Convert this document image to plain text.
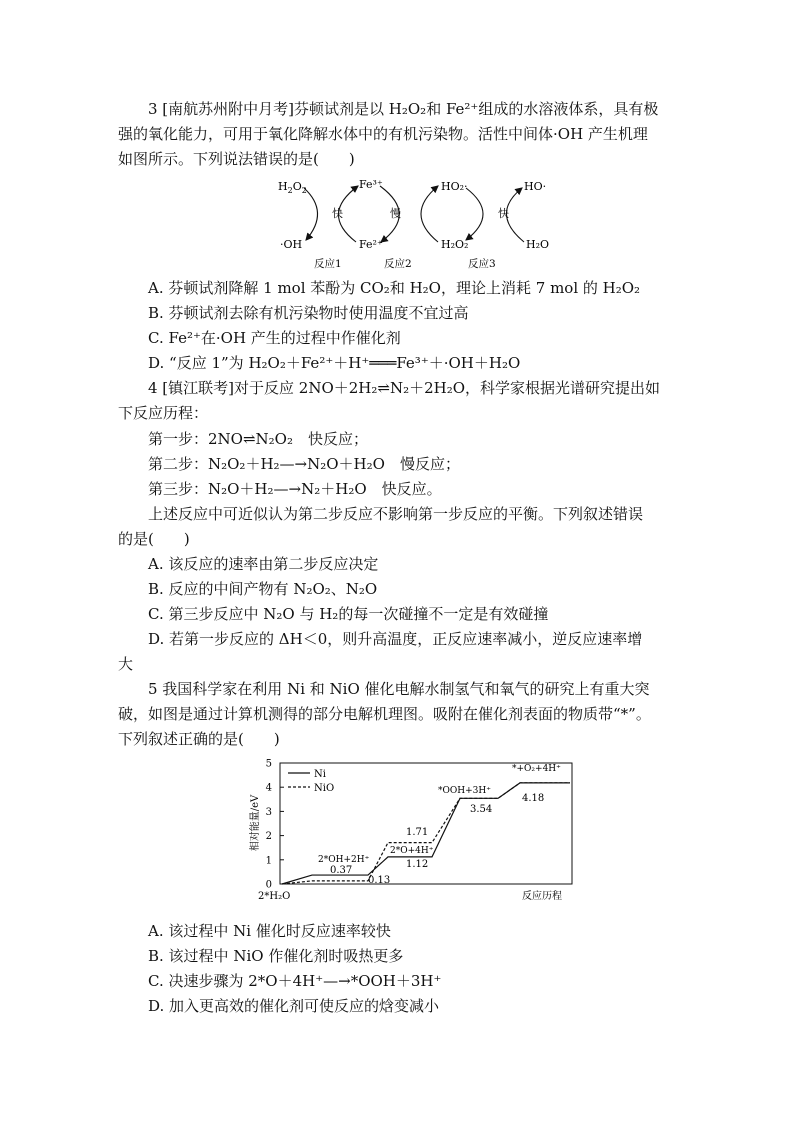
3 [南航苏州附中月考]芬顿试剂是以 H₂O₂和 Fe²⁺组成的水溶液体系，具有极
强的氧化能力，可用于氧化降解水体中的有机污染物。活性中间体·OH 产生机理
如图所示。下列说法错误的是(　　)
$H_2O_2$
·OH
Fe³⁺
Fe²⁺
HO₂·
H₂O₂
HO·
H₂O
快	慢	快
反应1	反应2	反应3
A. 芬顿试剂降解 1 mol 苯酚为 CO₂和 H₂O，理论上消耗 7 mol 的 H₂O₂
B. 芬顿试剂去除有机污染物时使用温度不宜过高
C. Fe²⁺在·OH 产生的过程中作催化剂
D. “反应 1”为 H₂O₂＋Fe²⁺＋H⁺═══Fe³⁺＋·OH＋H₂O
4 [镇江联考]对于反应 2NO＋2H₂⇌N₂＋2H₂O，科学家根据光谱研究提出如
下反应历程：
第一步：2NO⇌N₂O₂　快反应；
第二步：N₂O₂＋H₂—→N₂O＋H₂O　慢反应；
第三步：N₂O＋H₂—→N₂＋H₂O　快反应。
上述反应中可近似认为第二步反应不影响第一步反应的平衡。下列叙述错误
的是(　　)
A. 该反应的速率由第二步反应决定
B. 反应的中间产物有 N₂O₂、N₂O
C. 第三步反应中 N₂O 与 H₂的每一次碰撞不一定是有效碰撞
D. 若第一步反应的 ΔH＜0，则升高温度，正反应速率减小，逆反应速率增
大
5 我国科学家在利用 Ni 和 NiO 催化电解水制氢气和氧气的研究上有重大突
破，如图是通过计算机测得的部分电解机理图。吸附在催化剂表面的物质带“*”。
下列叙述正确的是(　　)
相对能量/eV
0
1
2
3
4
5
Ni
NiO
2*H₂O
2*OH+2H⁺
2*O+4H⁺
*OOH+3H⁺
*+O₂+4H⁺
0.37
0.13
1.71
1.12
3.54
4.18
反应历程
A. 该过程中 Ni 催化时反应速率较快
B. 该过程中 NiO 作催化剂时吸热更多
C. 决速步骤为 2*O＋4H⁺—→*OOH＋3H⁺
D. 加入更高效的催化剂可使反应的焓变减小
